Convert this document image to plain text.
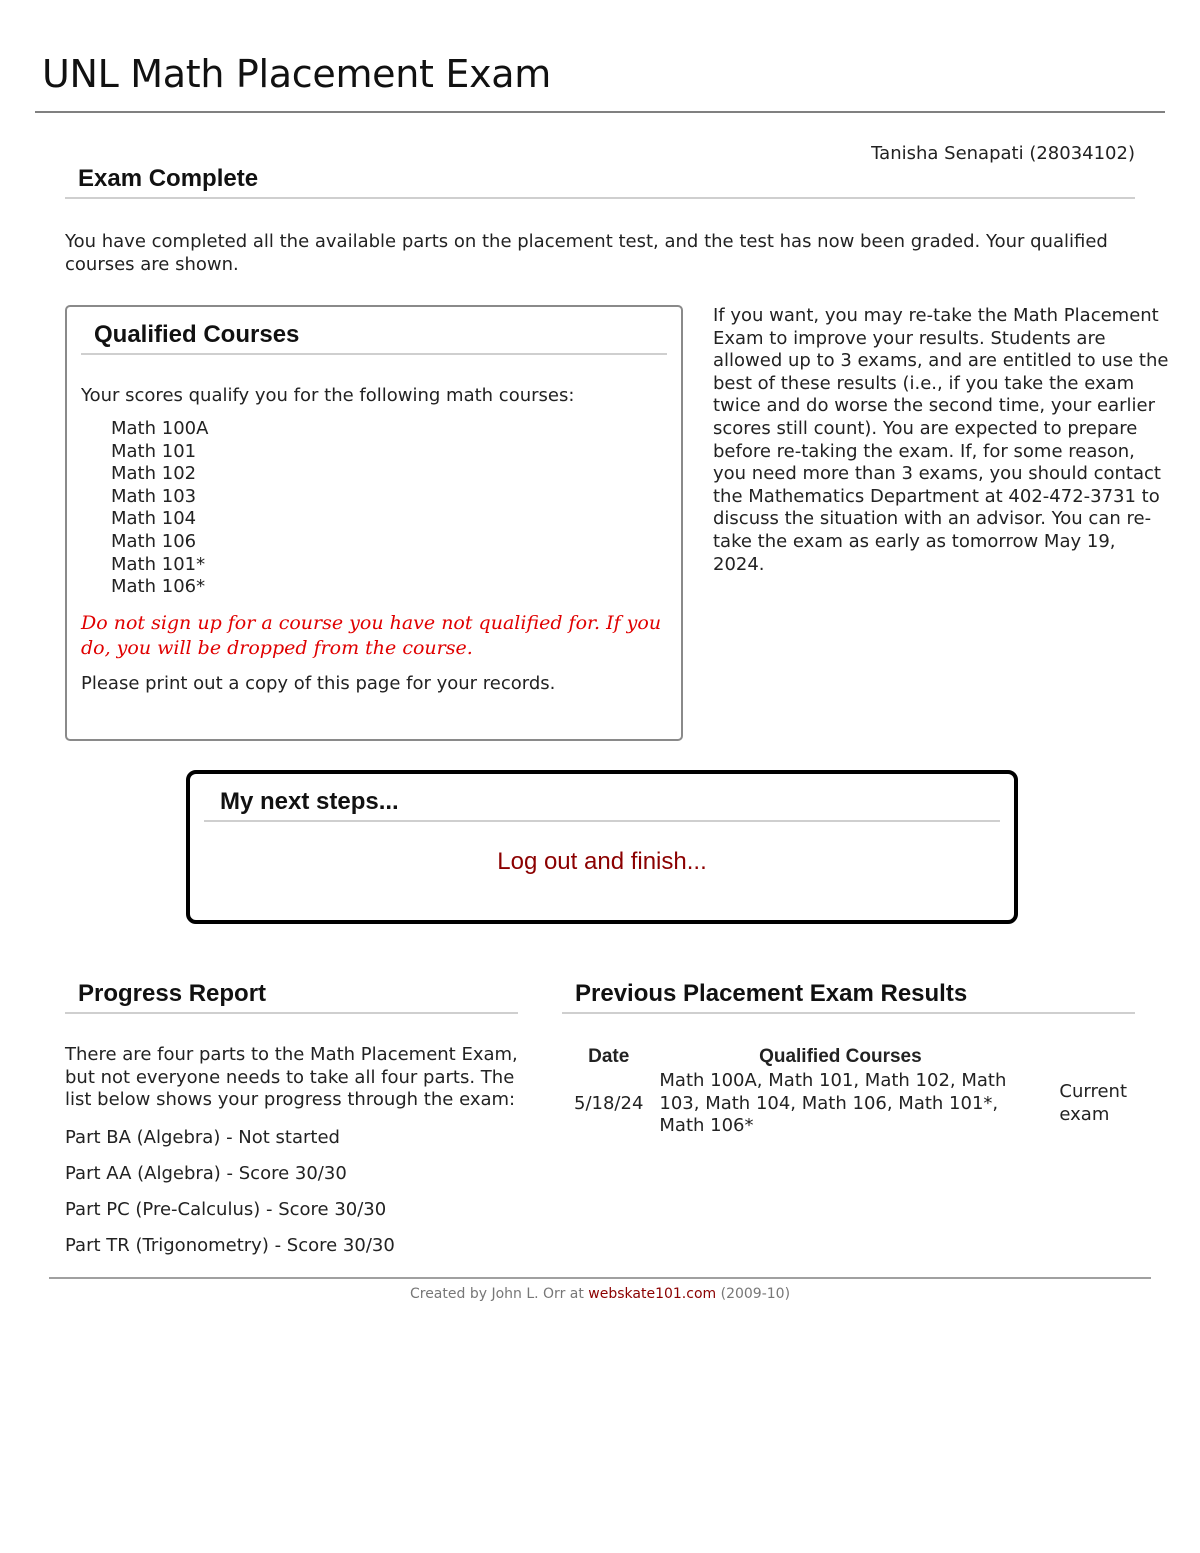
UNL Math Placement Exam
Tanisha Senapati (28034102)
Exam Complete
You have completed all the available parts on the placement test, and the test has now been graded. Your qualified courses are shown.
Qualified Courses
Your scores qualify you for the following math courses:
Math 100A
Math 101
Math 102
Math 103
Math 104
Math 106
Math 101*
Math 106*
Do not sign up for a course you have not qualified for. If you do, you will be dropped from the course.
Please print out a copy of this page for your records.
If you want, you may re-take the Math Placement Exam to improve your results. Students are allowed up to 3 exams, and are entitled to use the best of these results (i.e., if you take the exam twice and do worse the second time, your earlier scores still count). You are expected to prepare before re-taking the exam. If, for some reason, you need more than 3 exams, you should contact the Mathematics Department at 402-472-3731 to discuss the situation with an advisor. You can re-take the exam as early as tomorrow May 19, 2024.
My next steps...
Log out and finish...
Progress Report
There are four parts to the Math Placement Exam, but not everyone needs to take all four parts. The list below shows your progress through the exam:
Part BA (Algebra) - Not started
Part AA (Algebra) - Score 30/30
Part PC (Pre-Calculus) - Score 30/30
Part TR (Trigonometry) - Score 30/30
Previous Placement Exam Results
Date	Qualified Courses	
5/18/24	Math 100A, Math 101, Math 102, Math 103, Math 104, Math 106, Math 101*, Math 106*	Current exam
Created by John L. Orr at webskate101.com (2009-10)
